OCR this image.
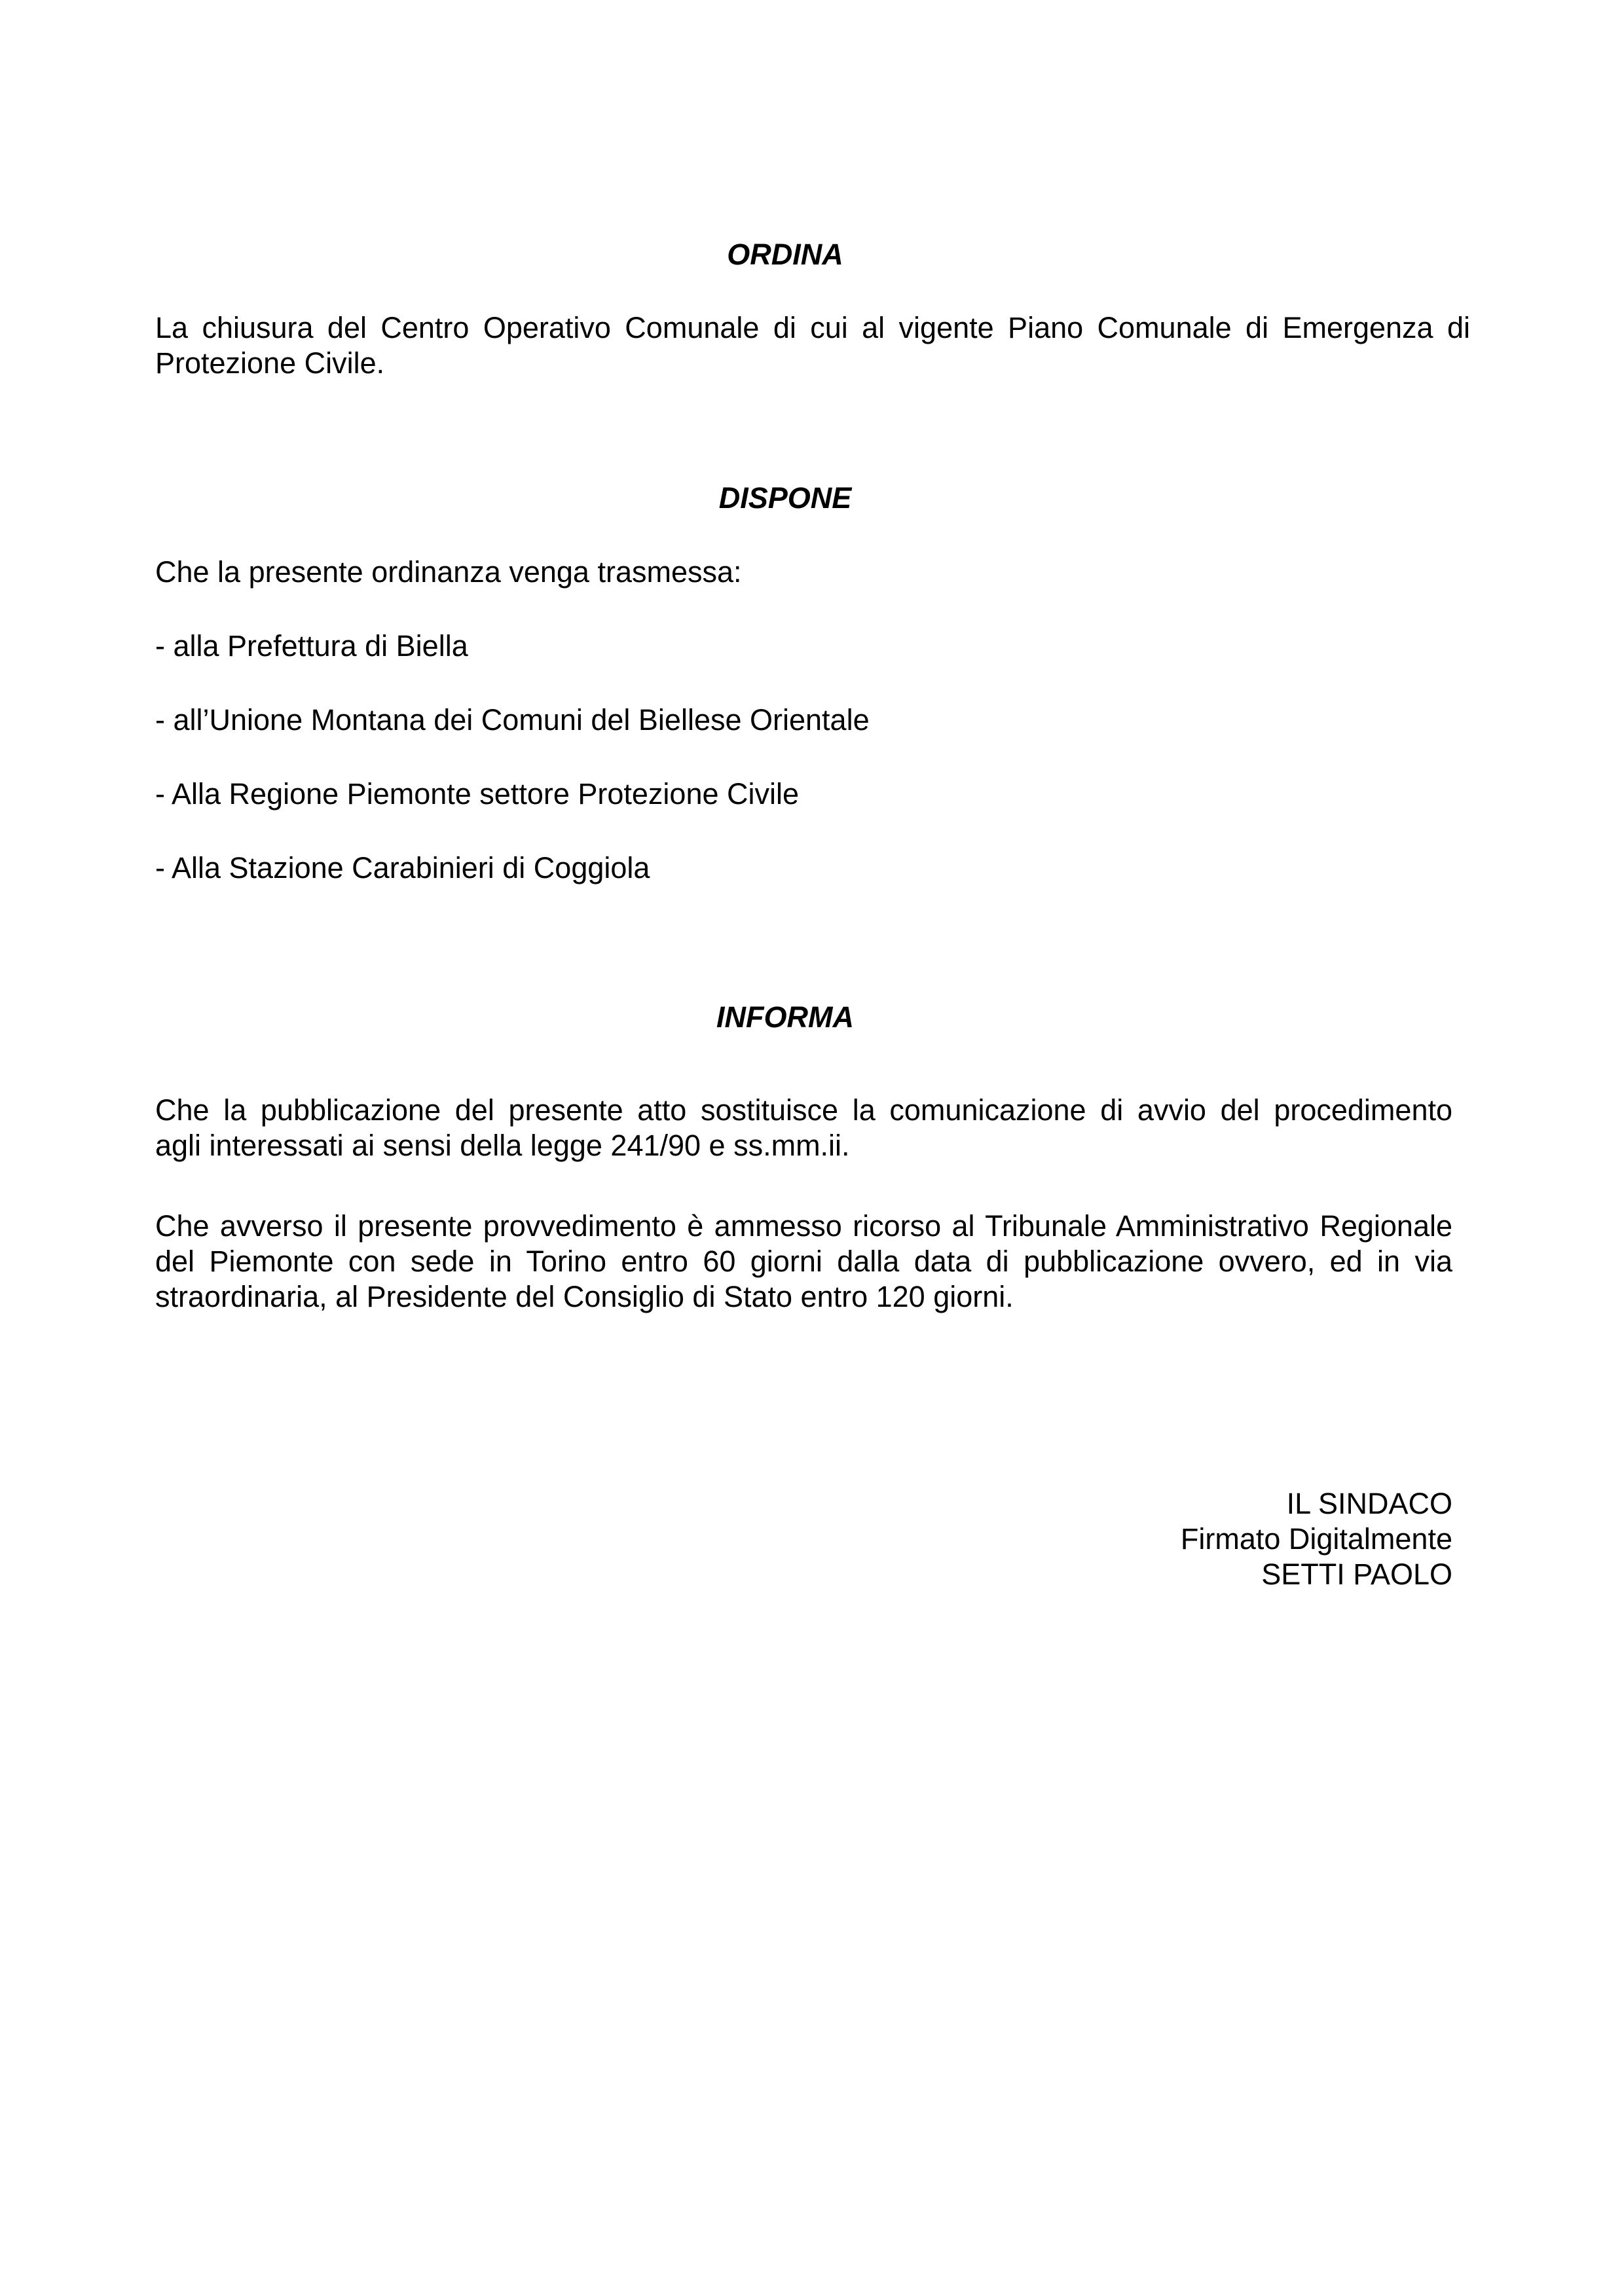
ORDINA
La chiusura del Centro Operativo Comunale di cui al vigente Piano Comunale di Emergenza di
Protezione Civile.
DISPONE
Che la presente ordinanza venga trasmessa:
- alla Prefettura di Biella
- all’Unione Montana dei Comuni del Biellese Orientale
- Alla Regione Piemonte settore Protezione Civile
- Alla Stazione Carabinieri di Coggiola
INFORMA
Che la pubblicazione del presente atto sostituisce la comunicazione di avvio del procedimento
agli interessati ai sensi della legge 241/90 e ss.mm.ii.
Che avverso il presente provvedimento è ammesso ricorso al Tribunale Amministrativo Regionale
del Piemonte con sede in Torino entro 60 giorni dalla data di pubblicazione ovvero, ed in via
straordinaria, al Presidente del Consiglio di Stato entro 120 giorni.
IL SINDACO
Firmato Digitalmente
SETTI PAOLO
